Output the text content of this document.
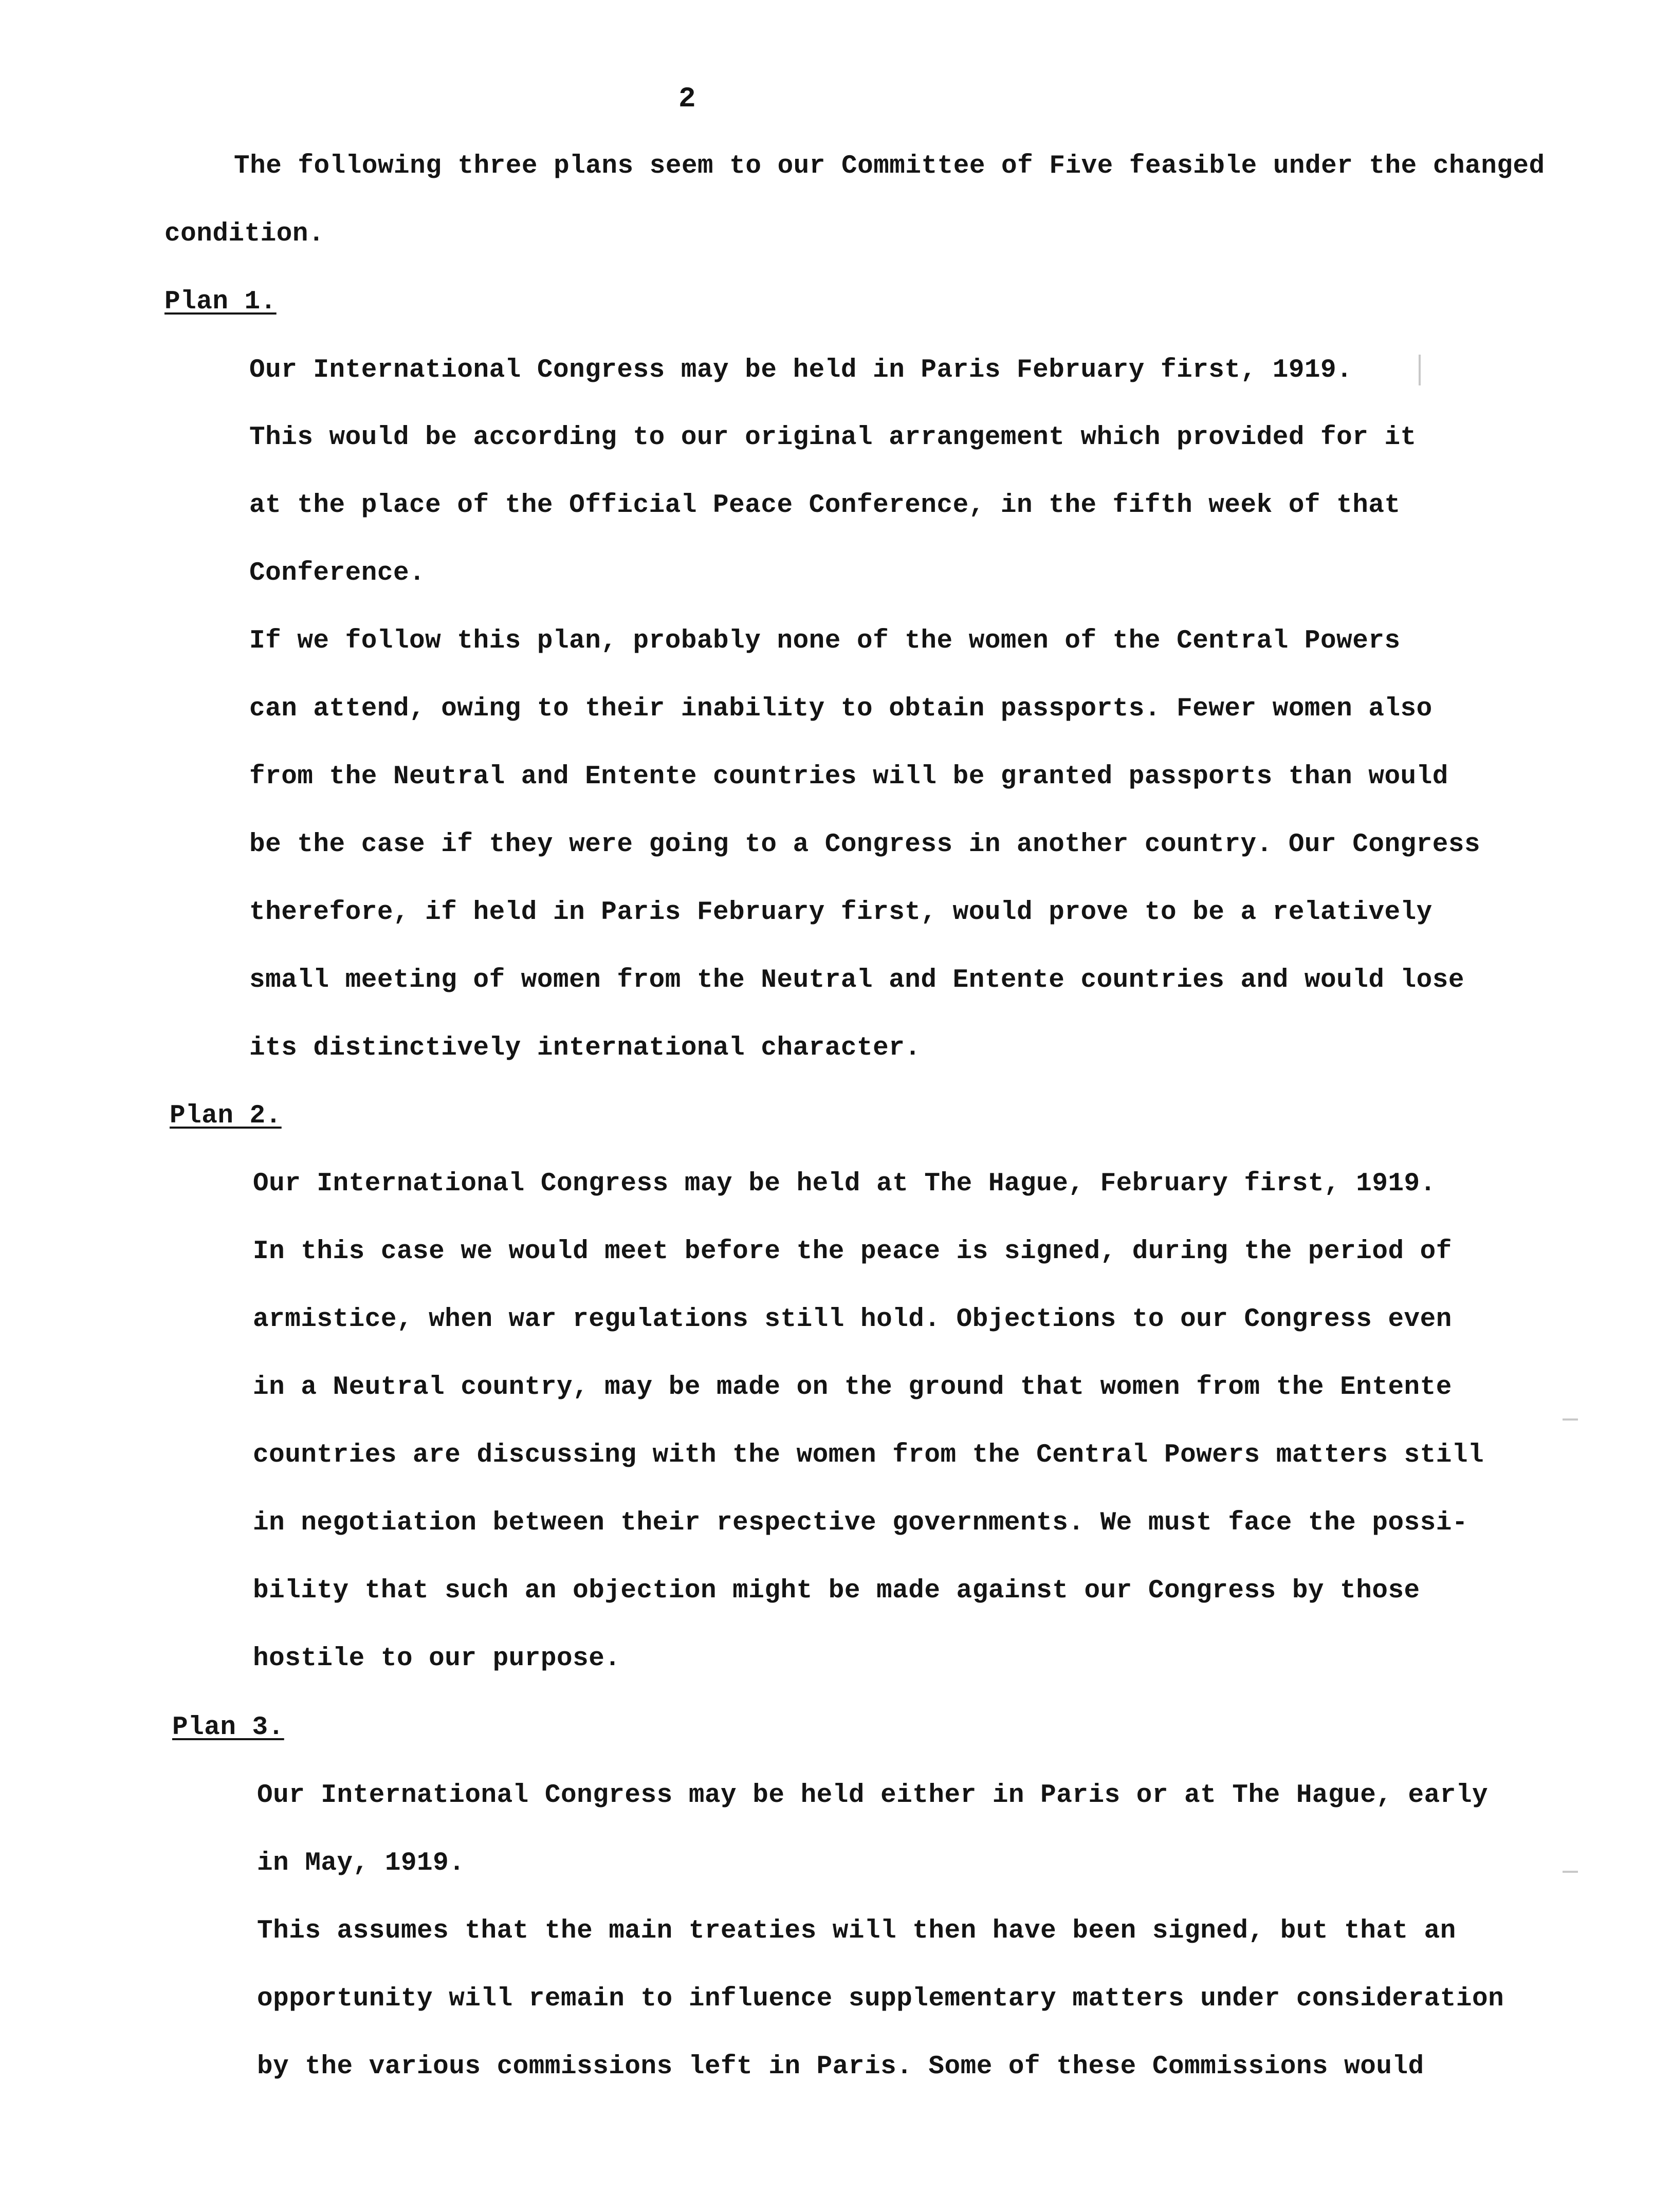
2
The following three plans seem to our Committee of Five feasible under the changed
condition.
Plan 1.
Our International Congress may be held in Paris February first, 1919.
This would be according to our original arrangement which provided for it
at the place of the Official Peace Conference, in the fifth week of that
Conference.
If we follow this plan, probably none of the women of the Central Powers
can attend, owing to their inability to obtain passports. Fewer women also
from the Neutral and Entente countries will be granted passports than would
be the case if they were going to a Congress in another country. Our Congress
therefore, if held in Paris February first, would prove to be a relatively
small meeting of women from the Neutral and Entente countries and would lose
its distinctively international character.
Plan 2.
Our International Congress may be held at The Hague, February first, 1919.
In this case we would meet before the peace is signed, during the period of
armistice, when war regulations still hold. Objections to our Congress even
in a Neutral country, may be made on the ground that women from the Entente
countries are discussing with the women from the Central Powers matters still
in negotiation between their respective governments. We must face the possi-
bility that such an objection might be made against our Congress by those
hostile to our purpose.
Plan 3.
Our International Congress may be held either in Paris or at The Hague, early
in May, 1919.
This assumes that the main treaties will then have been signed, but that an
opportunity will remain to influence supplementary matters under consideration
by the various commissions left in Paris. Some of these Commissions would
